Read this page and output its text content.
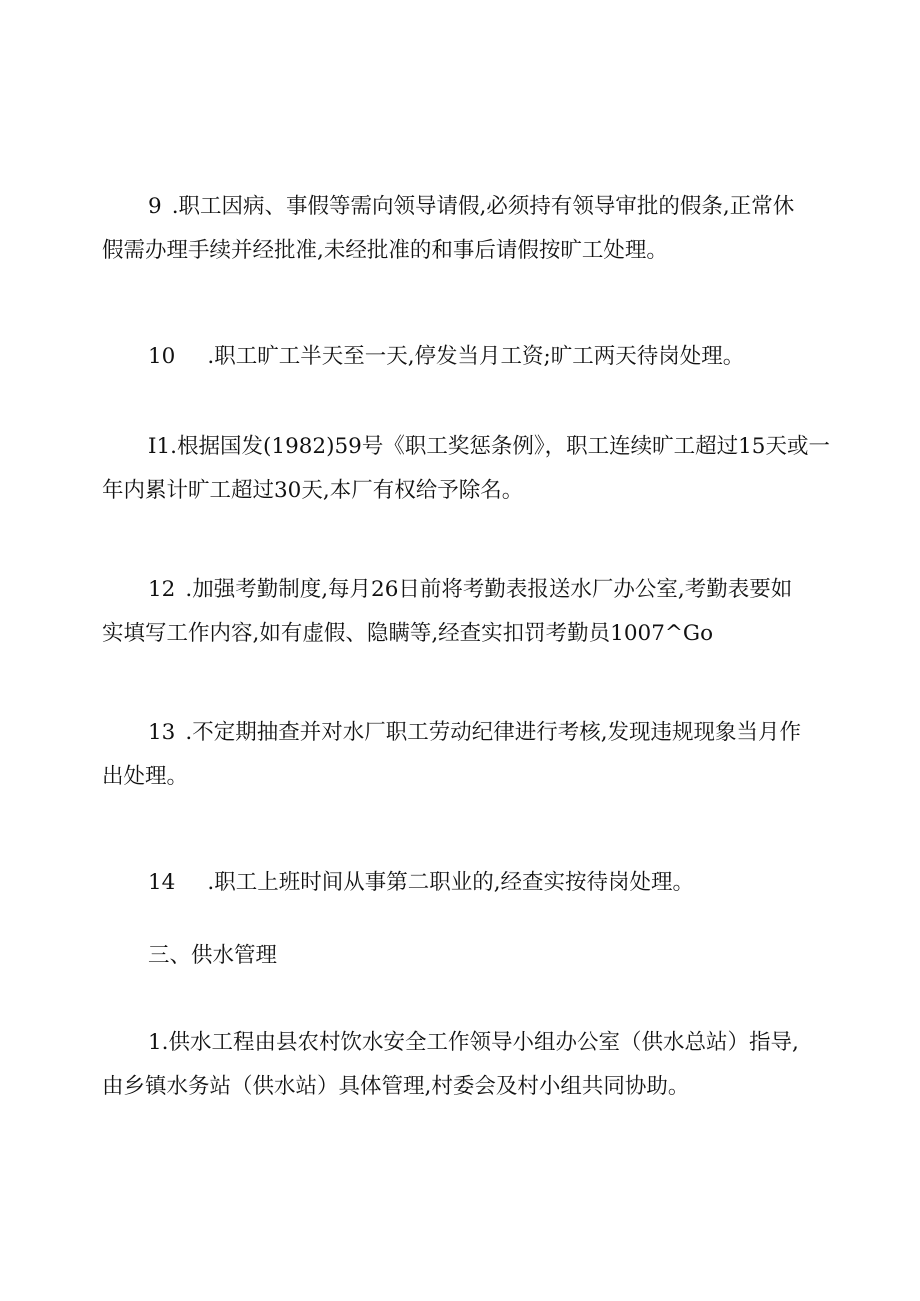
9 .职工因病、事假等需向领导请假,必须持有领导审批的假条,正常休
假需办理手续并经批准,未经批准的和事后请假按旷工处理。
10 .职工旷工半天至一天,停发当月工资;旷工两天待岗处理。
I1.根据国发(1982)59号《职工奖惩条例》，职工连续旷工超过15天或一
年内累计旷工超过30天,本厂有权给予除名。
12 .加强考勤制度,每月26日前将考勤表报送水厂办公室,考勤表要如
实填写工作内容,如有虚假、隐瞒等,经查实扣罚考勤员1007^Go
13 .不定期抽查并对水厂职工劳动纪律进行考核,发现违规现象当月作
出处理。
14 .职工上班时间从事第二职业的,经查实按待岗处理。
三、供水管理
1.供水工程由县农村饮水安全工作领导小组办公室（供水总站）指导,
由乡镇水务站（供水站）具体管理,村委会及村小组共同协助。
